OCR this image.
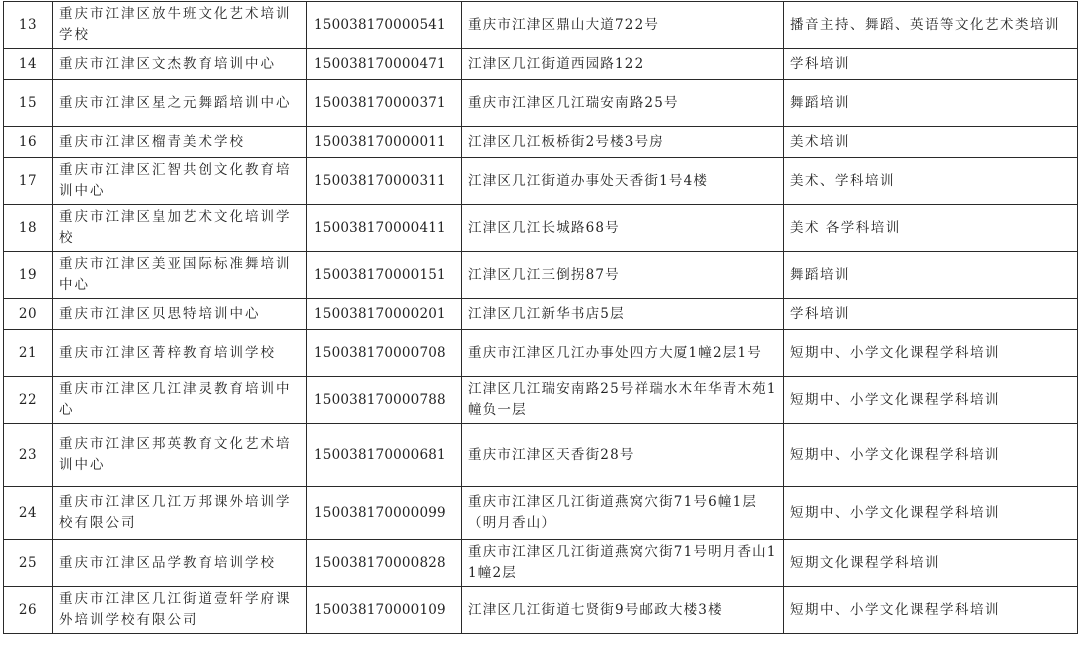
13	重庆市江津区放牛班文化艺术培训学校	150038170000541	重庆市江津区鼎山大道722号	播音主持、舞蹈、英语等文化艺术类培训
14	重庆市江津区文杰教育培训中心	150038170000471	江津区几江街道西园路122	学科培训
15	重庆市江津区星之元舞蹈培训中心	150038170000371	重庆市江津区几江瑞安南路25号	舞蹈培训
16	重庆市江津区榴青美术学校	150038170000011	江津区几江板桥街2号楼3号房	美术培训
17	重庆市江津区汇智共创文化教育培训中心	150038170000311	江津区几江街道办事处天香街1号4楼	美术、学科培训
18	重庆市江津区皇加艺术文化培训学校	150038170000411	江津区几江长城路68号	美术 各学科培训
19	重庆市江津区美亚国际标准舞培训中心	150038170000151	江津区几江三倒拐87号	舞蹈培训
20	重庆市江津区贝思特培训中心	150038170000201	江津区几江新华书店5层	学科培训
21	重庆市江津区菁梓教育培训学校	150038170000708	重庆市江津区几江办事处四方大厦1幢2层1号	短期中、小学文化课程学科培训
22	重庆市江津区几江津灵教育培训中心	150038170000788	江津区几江瑞安南路25号祥瑞水木年华青木苑1幢负一层	短期中、小学文化课程学科培训
23	重庆市江津区邦英教育文化艺术培训中心	150038170000681	重庆市江津区天香街28号	短期中、小学文化课程学科培训
24	重庆市江津区几江万邦课外培训学校有限公司	150038170000099	重庆市江津区几江街道燕窝穴街71号6幢1层（明月香山）	短期中、小学文化课程学科培训
25	重庆市江津区品学教育培训学校	150038170000828	重庆市江津区几江街道燕窝穴街71号明月香山11幢2层	短期文化课程学科培训
26	重庆市江津区几江街道壹轩学府课外培训学校有限公司	150038170000109	江津区几江街道七贤街9号邮政大楼3楼	短期中、小学文化课程学科培训
